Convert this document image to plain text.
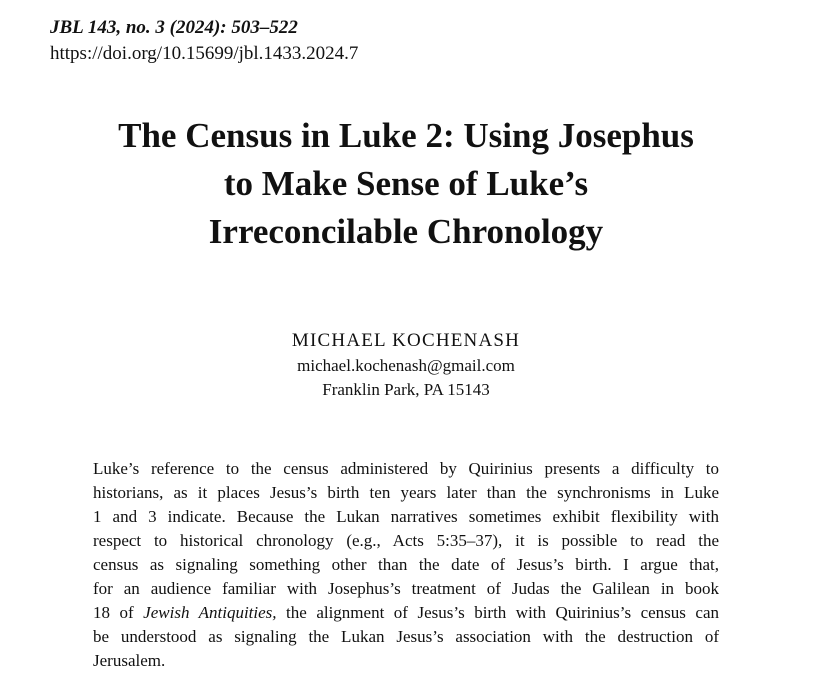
JBL 143, no. 3 (2024): 503–522
https://doi.org/10.15699/jbl.1433.2024.7
The Census in Luke 2: Using Josephus
to Make Sense of Luke’s
Irreconcilable Chronology
MICHAEL KOCHENASH
michael.kochenash@gmail.com
Franklin Park, PA 15143
Luke’s reference to the census administered by Quirinius presents a difficulty to
historians, as it places Jesus’s birth ten years later than the synchronisms in Luke
1 and 3 indicate. Because the Lukan narratives sometimes exhibit flexibility with
respect to historical chronology (e.g., Acts 5:35–37), it is possible to read the
census as signaling something other than the date of Jesus’s birth. I argue that,
for an audience familiar with Josephus’s treatment of Judas the Galilean in book
18 of Jewish Antiquities, the alignment of Jesus’s birth with Quirinius’s census can
be understood as signaling the Lukan Jesus’s association with the destruction of
Jerusalem.
